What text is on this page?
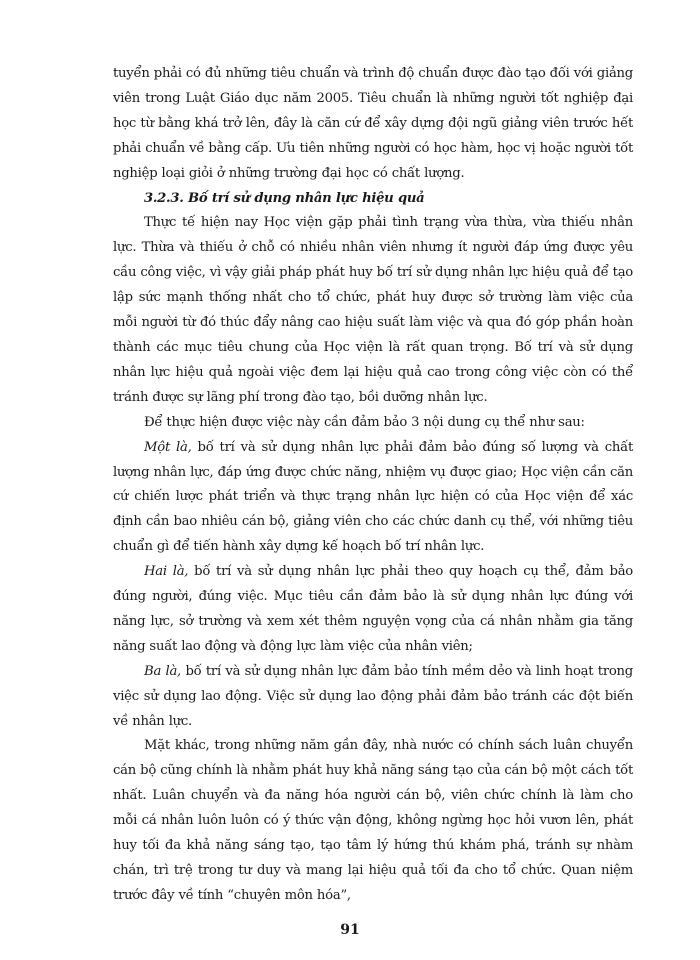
tuyển phải có đủ những tiêu chuẩn và trình độ chuẩn được đào tạo đối với giảng viên trong Luật Giáo dục năm 2005. Tiêu chuẩn là những người tốt nghiệp đại học từ bằng khá trở lên, đây là căn cứ để xây dựng đội ngũ giảng viên trước hết phải chuẩn về bằng cấp. Ưu tiên những người có học hàm, học vị hoặc người tốt nghiệp loại giỏi ở những trường đại học có chất lượng.

3.2.3. Bố trí sử dụng nhân lực hiệu quả

Thực tế hiện nay Học viện gặp phải tình trạng vừa thừa, vừa thiếu nhân lực. Thừa và thiếu ở chỗ có nhiều nhân viên nhưng ít người đáp ứng được yêu cầu công việc, vì vậy giải pháp phát huy bố trí sử dụng nhân lực hiệu quả để tạo lập sức mạnh thống nhất cho tổ chức, phát huy được sở trường làm việc của mỗi người từ đó thúc đẩy nâng cao hiệu suất làm việc và qua đó góp phần hoàn thành các mục tiêu chung của Học viện là rất quan trọng. Bố trí và sử dụng nhân lực hiệu quả ngoài việc đem lại hiệu quả cao trong công việc còn có thể tránh được sự lãng phí trong đào tạo, bồi dưỡng nhân lực.

Để thực hiện được việc này cần đảm bảo 3 nội dung cụ thể như sau:

Một là, bố trí và sử dụng nhân lực phải đảm bảo đúng số lượng và chất lượng nhân lực, đáp ứng được chức năng, nhiệm vụ được giao; Học viện cần căn cứ chiến lược phát triển và thực trạng nhân lực hiện có của Học viện để xác định cần bao nhiêu cán bộ, giảng viên cho các chức danh cụ thể, với những tiêu chuẩn gì để tiến hành xây dựng kế hoạch bố trí nhân lực.

Hai là, bố trí và sử dụng nhân lực phải theo quy hoạch cụ thể, đảm bảo đúng người, đúng việc. Mục tiêu cần đảm bảo là sử dụng nhân lực đúng với năng lực, sở trường và xem xét thêm nguyện vọng của cá nhân nhằm gia tăng năng suất lao động và động lực làm việc của nhân viên;

Ba là, bố trí và sử dụng nhân lực đảm bảo tính mềm dẻo và linh hoạt trong việc sử dụng lao động. Việc sử dụng lao động phải đảm bảo tránh các đột biến về nhân lực.

Mặt khác, trong những năm gần đây, nhà nước có chính sách luân chuyển cán bộ cũng chính là nhằm phát huy khả năng sáng tạo của cán bộ một cách tốt nhất. Luân chuyển và đa năng hóa người cán bộ, viên chức chính là làm cho mỗi cá nhân luôn luôn có ý thức vận động, không ngừng học hỏi vươn lên, phát huy tối đa khả năng sáng tạo, tạo tâm lý hứng thú khám phá, tránh sự nhàm chán, trì trệ trong tư duy và mang lại hiệu quả tối đa cho tổ chức. Quan niệm trước đây về tính “chuyên môn hóa”,

91
